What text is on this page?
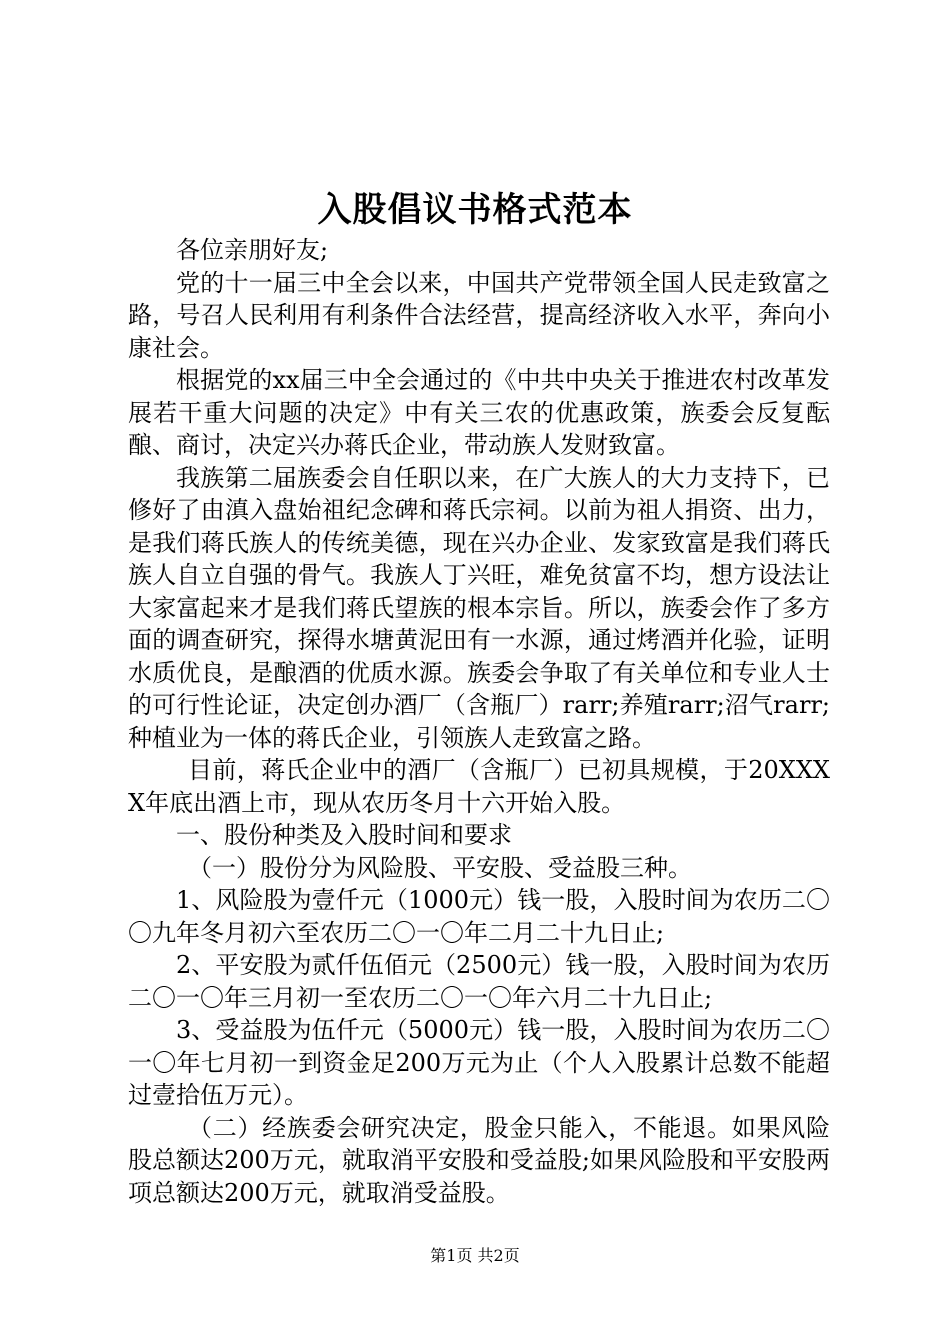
入股倡议书格式范本

各位亲朋好友;

党的十一届三中全会以来，中国共产党带领全国人民走致富之路，号召人民利用有利条件合法经营，提高经济收入水平，奔向小康社会。

根据党的xx届三中全会通过的《中共中央关于推进农村改革发展若干重大问题的决定》中有关三农的优惠政策，族委会反复酝酿、商讨，决定兴办蒋氏企业，带动族人发财致富。

我族第二届族委会自任职以来，在广大族人的大力支持下，已修好了由滇入盘始祖纪念碑和蒋氏宗祠。以前为祖人捐资、出力，是我们蒋氏族人的传统美德，现在兴办企业、发家致富是我们蒋氏族人自立自强的骨气。我族人丁兴旺，难免贫富不均，想方设法让大家富起来才是我们蒋氏望族的根本宗旨。所以，族委会作了多方面的调查研究，探得水塘黄泥田有一水源，通过烤酒并化验，证明水质优良，是酿酒的优质水源。族委会争取了有关单位和专业人士的可行性论证，决定创办酒厂（含瓶厂）rarr;养殖rarr;沼气rarr;种植业为一体的蒋氏企业，引领族人走致富之路。

目前，蒋氏企业中的酒厂（含瓶厂）已初具规模，于20XXXX年底出酒上市，现从农历冬月十六开始入股。

一、股份种类及入股时间和要求

（一）股份分为风险股、平安股、受益股三种。

1、风险股为壹仟元（1000元）钱一股，入股时间为农历二〇〇九年冬月初六至农历二〇一〇年二月二十九日止;

2、平安股为贰仟伍佰元（2500元）钱一股，入股时间为农历二〇一〇年三月初一至农历二〇一〇年六月二十九日止;

3、受益股为伍仟元（5000元）钱一股，入股时间为农历二〇一〇年七月初一到资金足200万元为止（个人入股累计总数不能超过壹拾伍万元）。

（二）经族委会研究决定，股金只能入，不能退。如果风险股总额达200万元，就取消平安股和受益股;如果风险股和平安股两项总额达200万元，就取消受益股。

第1页 共2页
